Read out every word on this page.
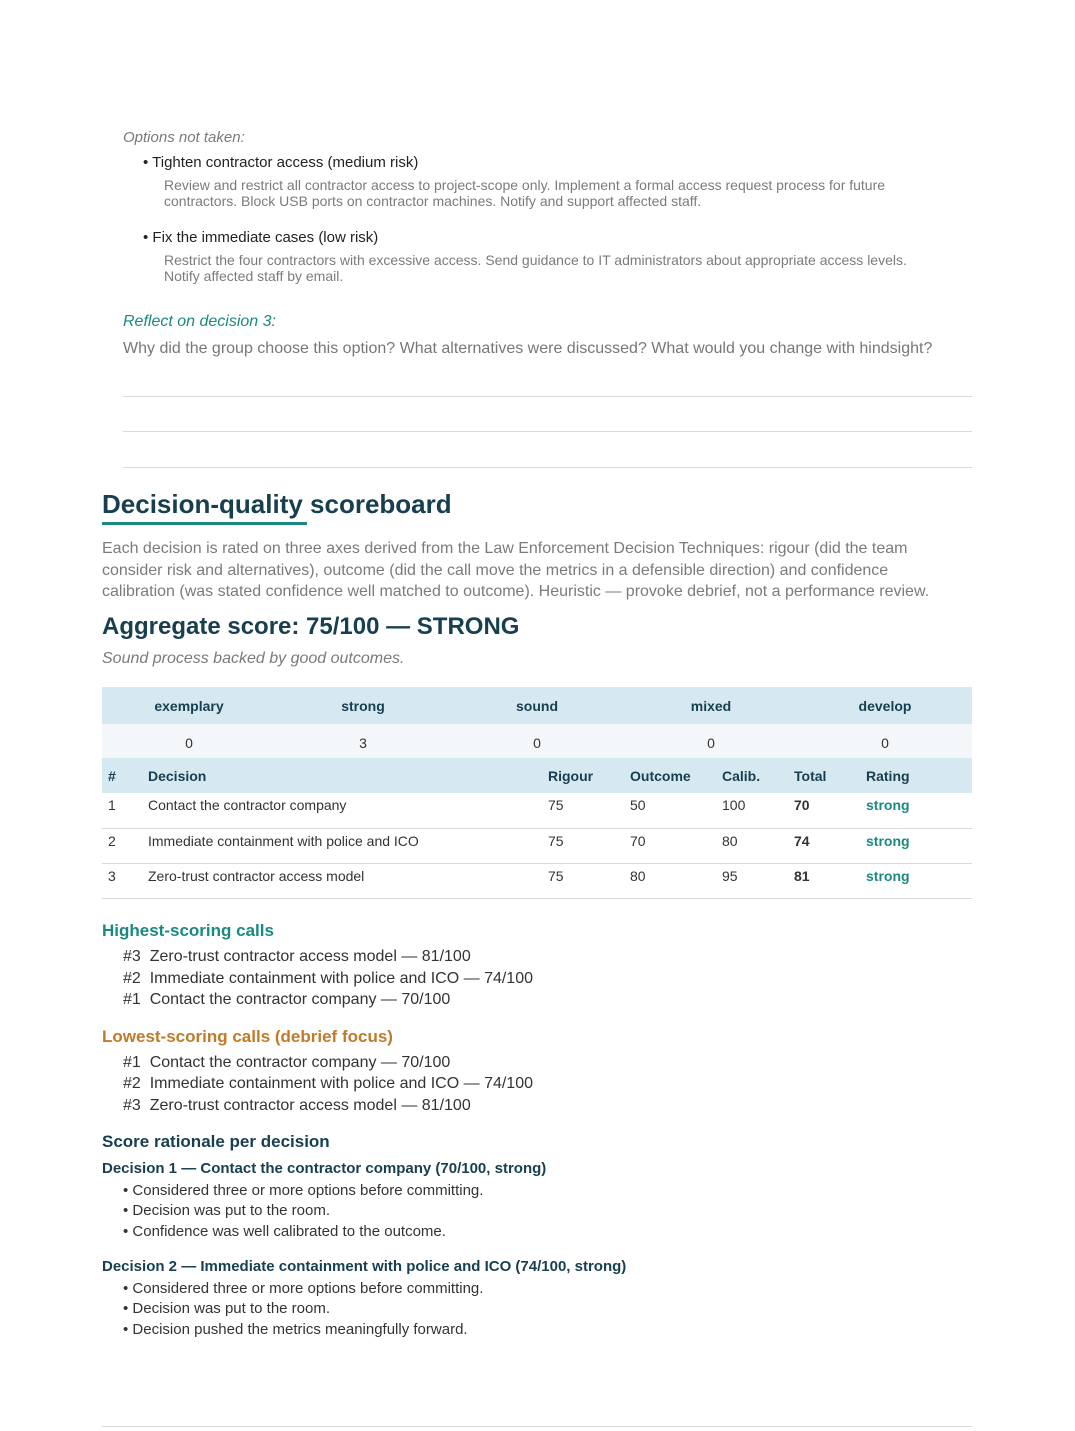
Options not taken:
• Tighten contractor access (medium risk)
Review and restrict all contractor access to project-scope only. Implement a formal access request process for future
contractors. Block USB ports on contractor machines. Notify and support affected staff.
• Fix the immediate cases (low risk)
Restrict the four contractors with excessive access. Send guidance to IT administrators about appropriate access levels.
Notify affected staff by email.
Reflect on decision 3:
Why did the group choose this option? What alternatives were discussed? What would you change with hindsight?
Decision-quality scoreboard
Each decision is rated on three axes derived from the Law Enforcement Decision Techniques: rigour (did the team
consider risk and alternatives), outcome (did the call move the metrics in a defensible direction) and confidence
calibration (was stated confidence well matched to outcome). Heuristic — provoke debrief, not a performance review.
Aggregate score: 75/100 — STRONG
Sound process backed by good outcomes.
exemplary	strong	sound	mixed	develop
0	3	0	0	0
#	Decision	Rigour	Outcome	Calib.	Total	Rating
1	Contact the contractor company	75	50	100	70	strong
2	Immediate containment with police and ICO	75	70	80	74	strong
3	Zero-trust contractor access model	75	80	95	81	strong
Highest-scoring calls
#3  Zero-trust contractor access model — 81/100
#2  Immediate containment with police and ICO — 74/100
#1  Contact the contractor company — 70/100
Lowest-scoring calls (debrief focus)
#1  Contact the contractor company — 70/100
#2  Immediate containment with police and ICO — 74/100
#3  Zero-trust contractor access model — 81/100
Score rationale per decision
Decision 1 — Contact the contractor company (70/100, strong)
• Considered three or more options before committing.
• Decision was put to the room.
• Confidence was well calibrated to the outcome.
Decision 2 — Immediate containment with police and ICO (74/100, strong)
• Considered three or more options before committing.
• Decision was put to the room.
• Decision pushed the metrics meaningfully forward.
